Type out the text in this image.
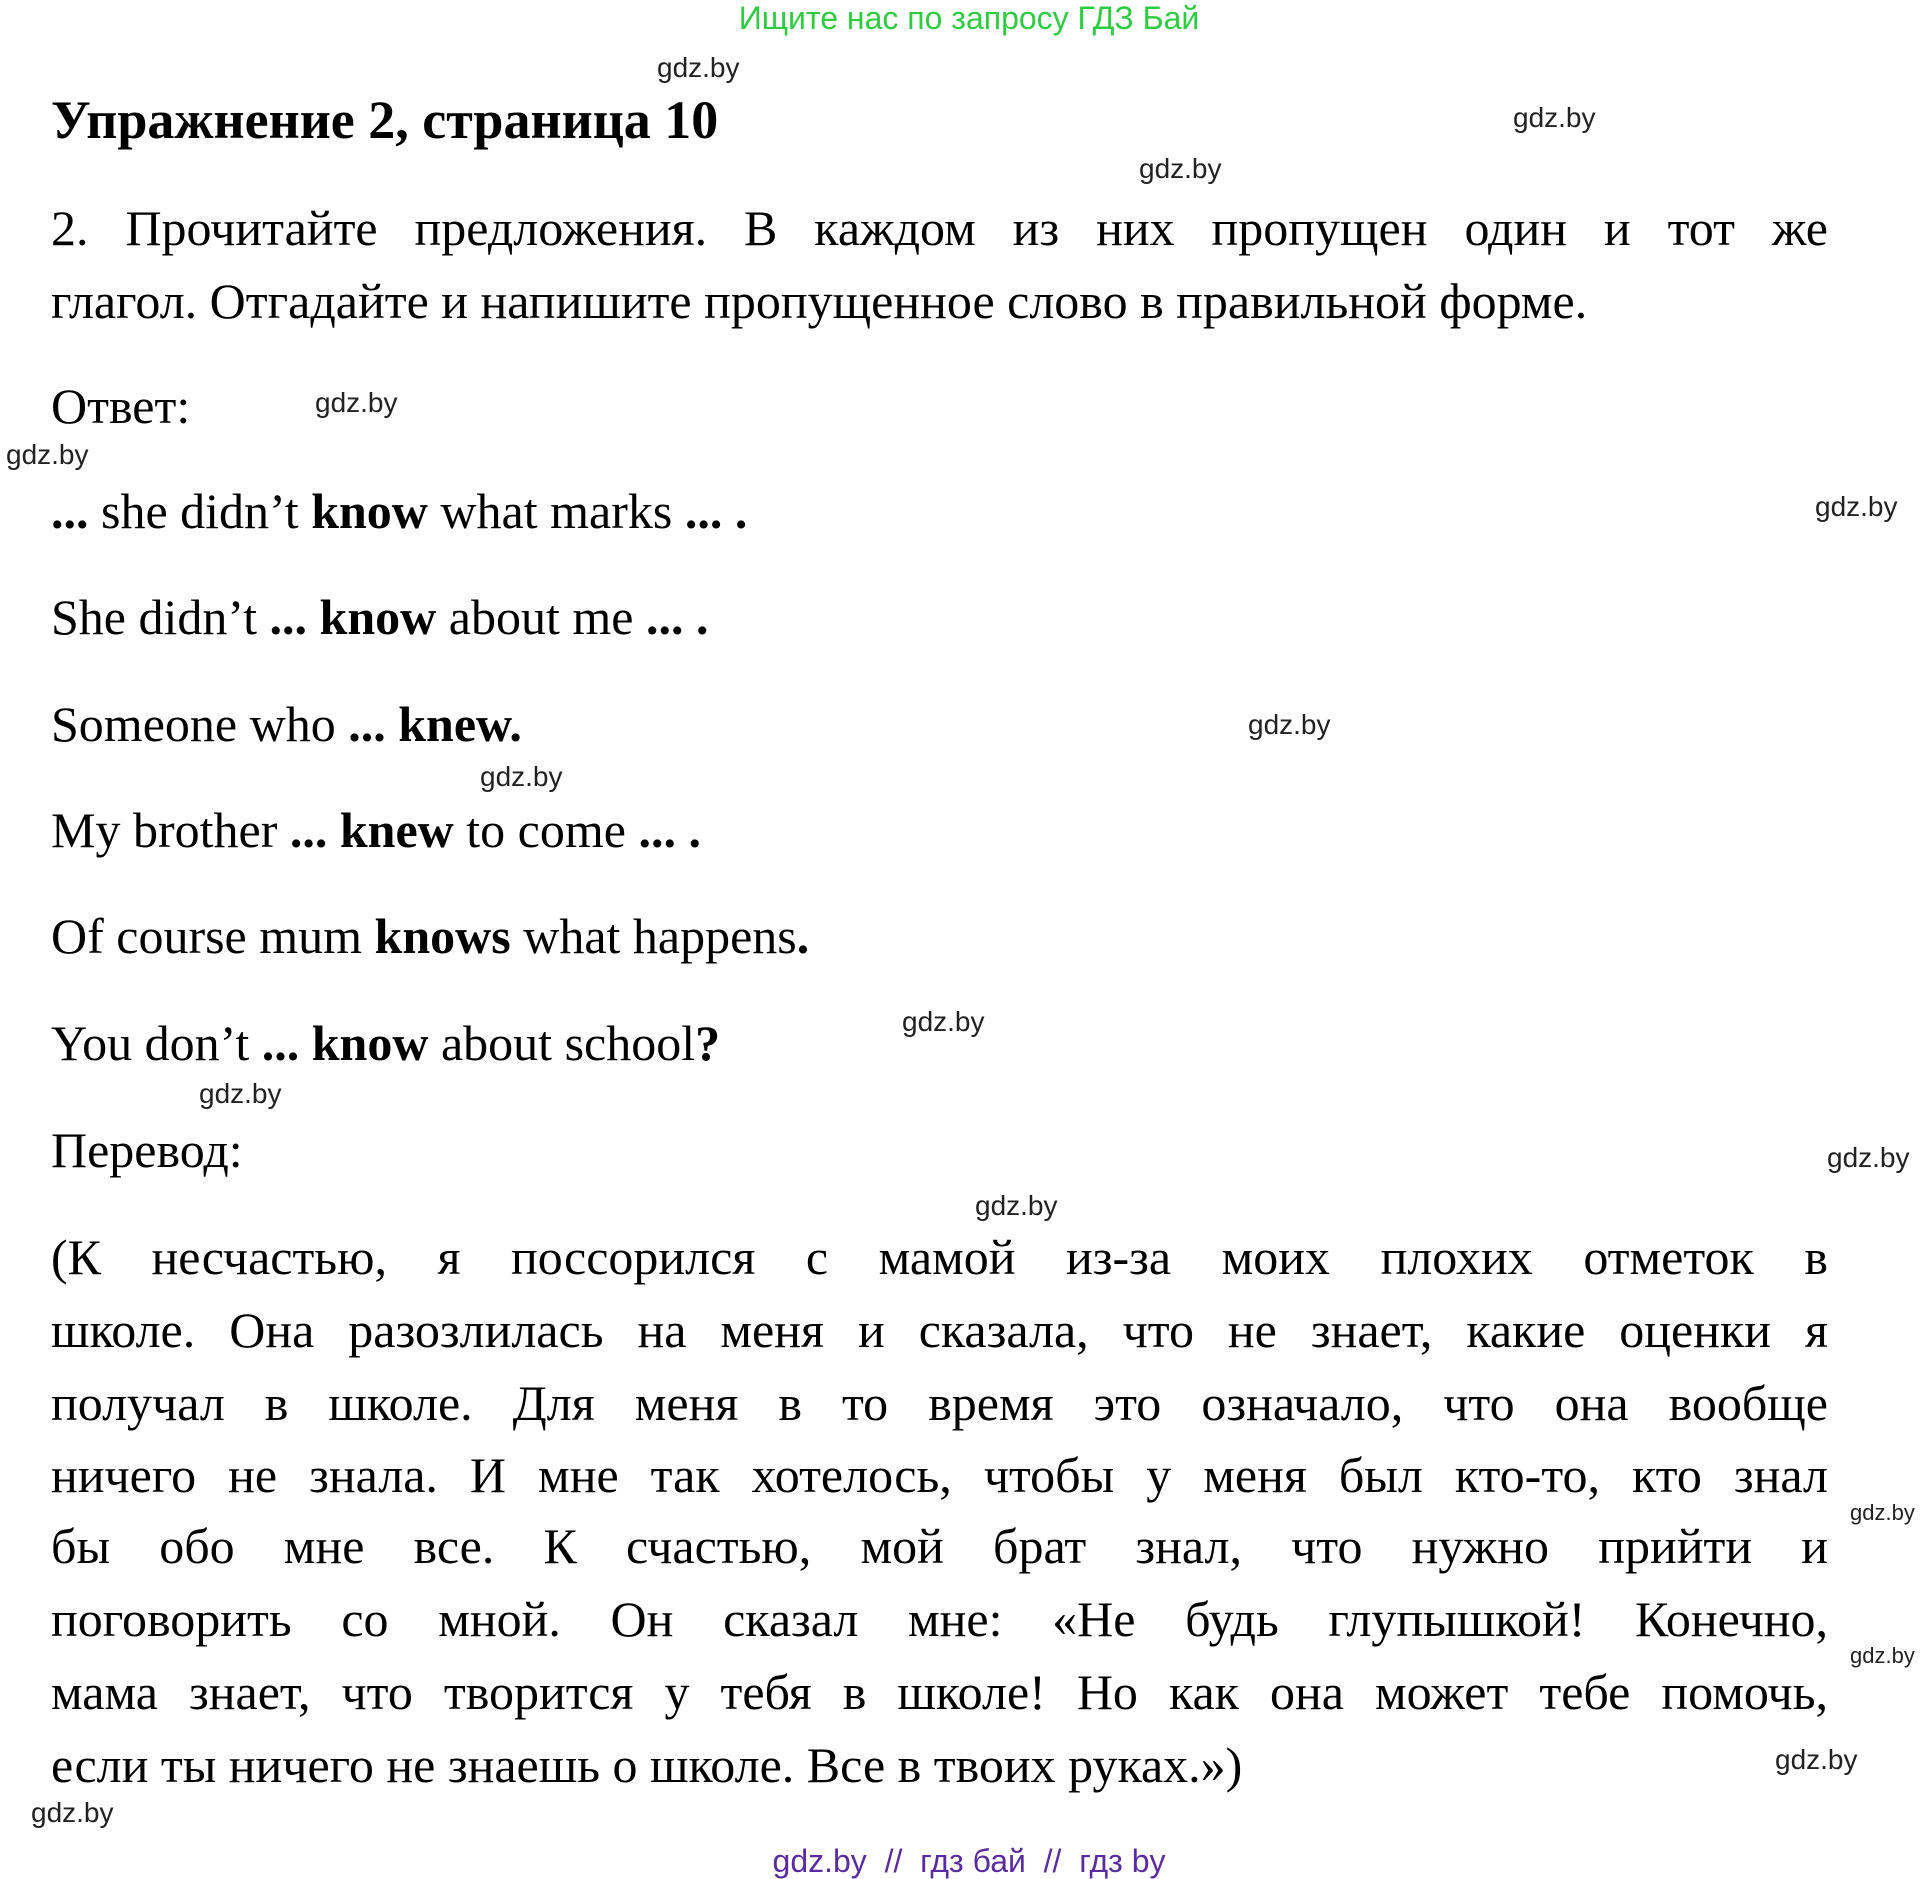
Ищите нас по запросу ГДЗ Бай
Упражнение 2, страница 10
2. Прочитайте предложения. В каждом из них пропущен один и тот же
глагол. Отгадайте и напишите пропущенное слово в правильной форме.
Ответ:
... she didn’t know what marks ... .
She didn’t ... know about me ... .
Someone who ... knew.
My brother ... knew to come ... .
Of course mum knows what happens.
You don’t ... know about school?
Перевод:
(К несчастью, я поссорился с мамой из-за моих плохих отметок в
школе. Она разозлилась на меня и сказала, что не знает, какие оценки я
получал в школе. Для меня в то время это означало, что она вообще
ничего не знала. И мне так хотелось, чтобы у меня был кто-то, кто знал
бы обо мне все. К счастью, мой брат знал, что нужно прийти и
поговорить со мной. Он сказал мне: «Не будь глупышкой! Конечно,
мама знает, что творится у тебя в школе! Но как она может тебе помочь,
если ты ничего не знаешь о школе. Все в твоих руках.»)
gdz.by
gdz.by
gdz.by
gdz.by
gdz.by
gdz.by
gdz.by
gdz.by
gdz.by
gdz.by
gdz.by
gdz.by
gdz.by
gdz.by
gdz.by
gdz.by
gdz.by  //  гдз бай  //  гдз by
